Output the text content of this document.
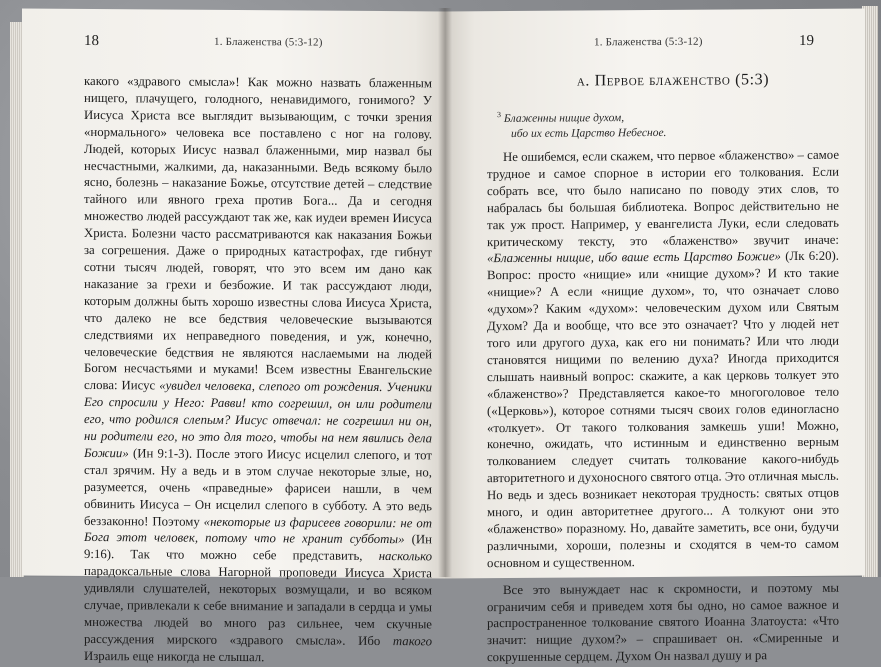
18	1. Блаженства (5:3-12)

какого «здравого смысла»! Как можно назвать блаженным нищего, плачущего, голодного, ненавидимого, гонимого? У Иисуса Христа все выглядит вызывающим, с точки зрения «нормального» человека все поставлено с ног на голову. Людей, которых Иисус назвал блаженными, мир назвал бы несчастными, жалкими, да, наказанными. Ведь всякому было ясно, болезнь – наказание Божье, отсутствие детей – следствие тайного или явного греха против Бога... Да и сегодня множество людей рассуждают так же, как иудеи времен Иисуса Христа. Болезни часто рассматриваются как наказания Божьи за согрешения. Даже о природных катастрофах, где гибнут сотни тысяч людей, говорят, что это всем им дано как наказание за грехи и безбожие. И так рассуждают люди, которым должны быть хорошо известны слова Иисуса Христа, что далеко не все бедствия человеческие вызываются следствиями их неправедного поведения, и уж, конечно, человеческие бедствия не являются наслаемыми на людей Богом несчастьями и муками! Всем известны Евангельские слова: Иисус «увидел человека, слепого от рождения. Ученики Его спросили у Него: Равви! кто согрешил, он или родители его, что родился слепым? Иисус отвечал: не согрешил ни он, ни родители его, но это для того, чтобы на нем явились дела Божии» (Ин 9:1-3). После этого Иисус исцелил слепого, и тот стал зрячим. Ну а ведь и в этом случае некоторые злые, но, разумеется, очень «праведные» фарисеи нашли, в чем обвинить Иисуса – Он исцелил слепого в субботу. А это ведь беззаконно! Поэтому «некоторые из фарисеев говорили: не от Бога этот человек, потому что не хранит субботы» (Ин 9:16). Так что можно себе представить, насколько парадоксальные слова Нагорной проповеди Иисуса Христа удивляли слушателей, некоторых возмущали, и во всяком случае, привлекали к себе внимание и западали в сердца и умы множества людей во много раз сильнее, чем скучные рассуждения мирского «здравого смысла». Ибо такого Израиль еще никогда не слышал.

1. Блаженства (5:3-12)	19
а. Первое блаженство (5:3)
$^3$ Блаженны нищие духом,
ибо их есть Царство Небесное.

Не ошибемся, если скажем, что первое «блаженство» – самое трудное и самое спорное в истории его толкования. Если собрать все, что было написано по поводу этих слов, то набралась бы большая библиотека. Вопрос действительно не так уж прост. Например, у евангелиста Луки, если следовать критическому тексту, это «блаженство» звучит иначе: «Блаженны нищие, ибо ваше есть Царство Божие» (Лк 6:20). Вопрос: просто «нищие» или «нищие духом»? И кто такие «нищие»? А если «нищие духом», то, что означает слово «духом»? Каким «духом»: человеческим духом или Святым Духом? Да и вообще, что все это означает? Что у людей нет того или другого духа, как его ни понимать? Или что люди становятся нищими по велению духа? Иногда приходится слышать наивный вопрос: скажите, а как церковь толкует это «блаженство»? Представляется какое-то многоголовое тело («Церковь»), которое сотнями тысяч своих голов единогласно «толкует». От такого толкования замкешь уши! Можно, конечно, ожидать, что истинным и единственно верным толкованием следует считать толкование какого-нибудь авторитетного и духоносного святого отца. Это отличная мысль. Но ведь и здесь возникает некоторая трудность: святых отцов много, и один авторитетнее другого... А толкуют они это «блаженство» поразному. Но, давайте заметить, все они, будучи различными, хороши, полезны и сходятся в чем-то самом основном и существенном.

Все это вынуждает нас к скромности, и поэтому мы ограничим себя и приведем хотя бы одно, но самое важное и распространенное толкование святого Иоанна Златоуста: «Что значит: нищие духом?» – спрашивает он. «Смиренные и сокрушенные сердцем. Духом Он назвал душу и ра
